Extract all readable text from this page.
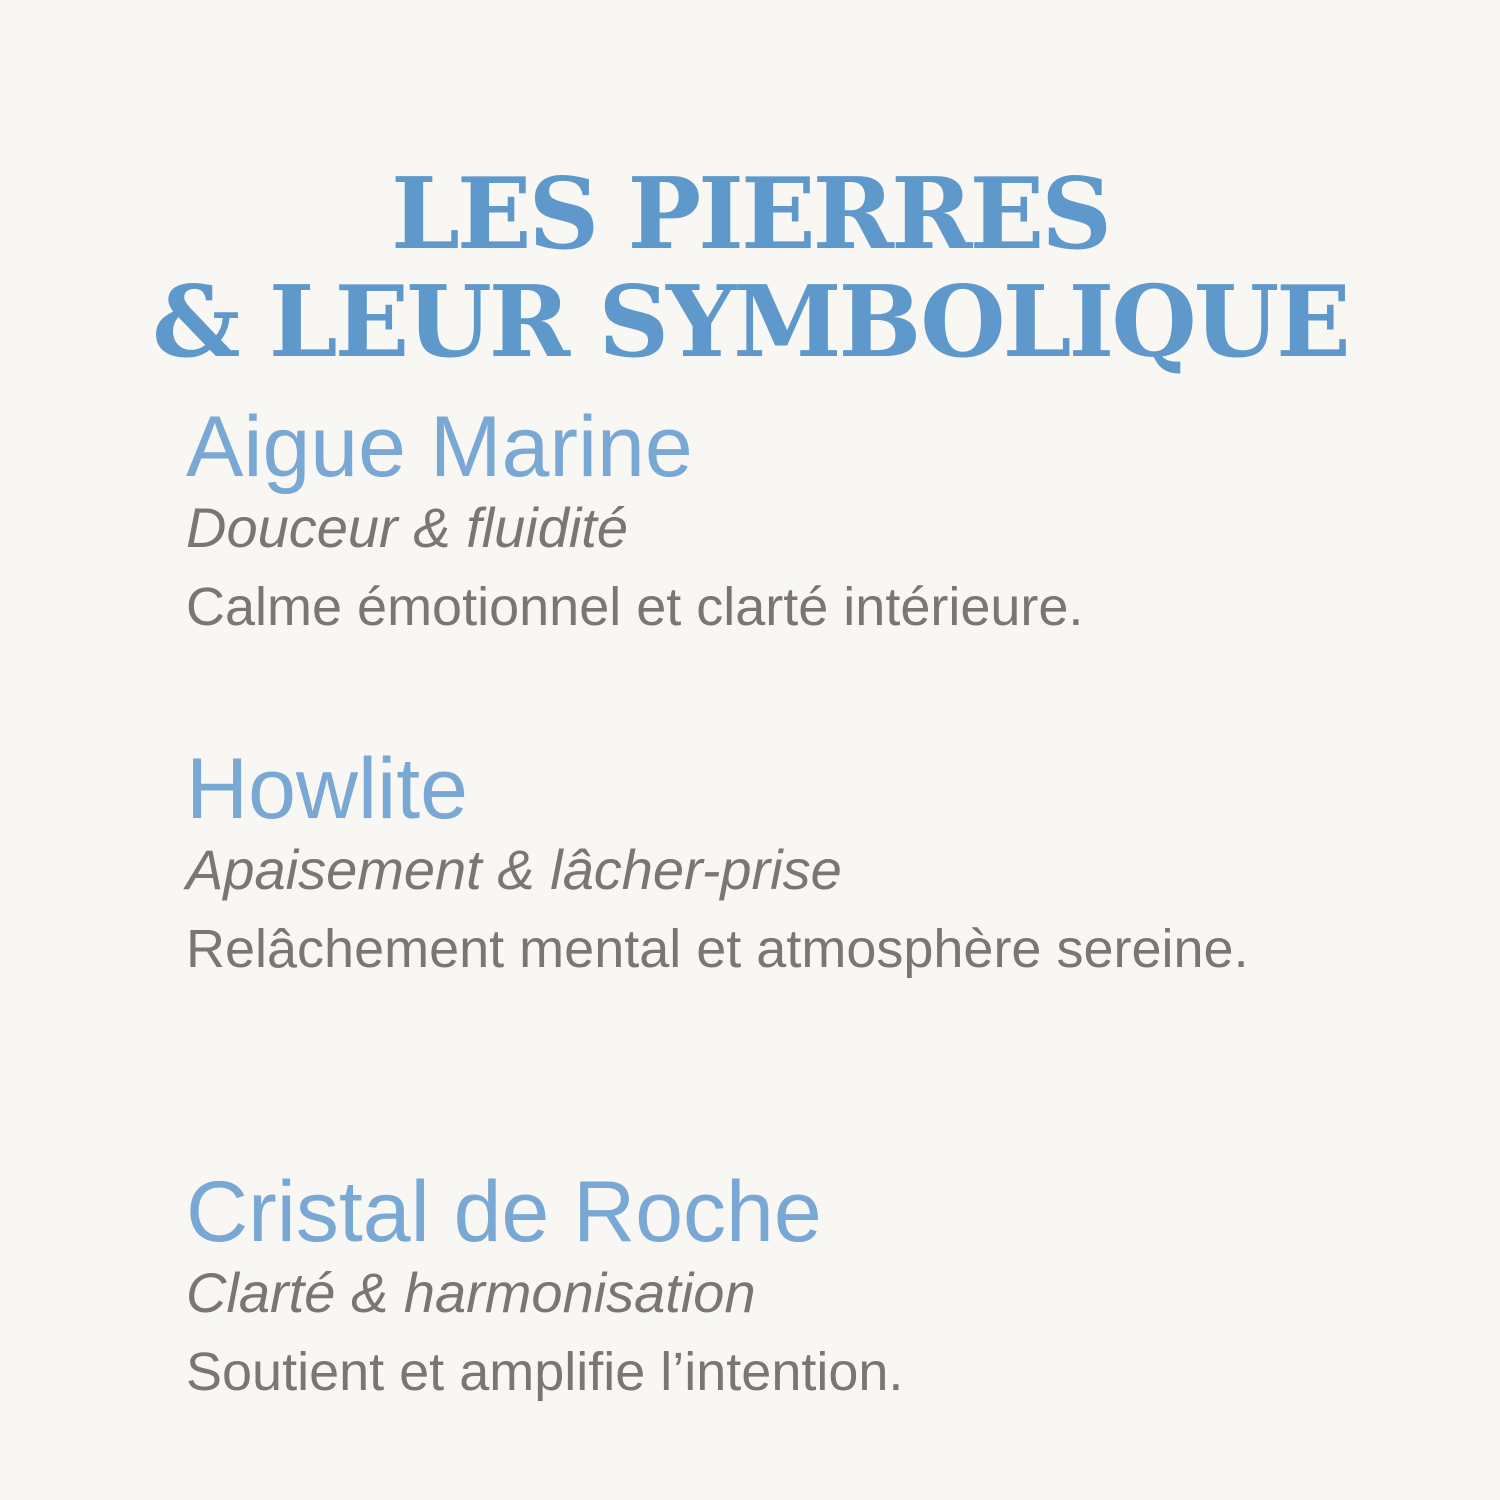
LES PIERRES
& LEUR SYMBOLIQUE
Aigue Marine

Douceur & fluidité

Calme émotionnel et clarté intérieure.

Howlite

Apaisement & lâcher-prise

Relâchement mental et atmosphère sereine.

Cristal de Roche

Clarté & harmonisation

Soutient et amplifie l’intention.
